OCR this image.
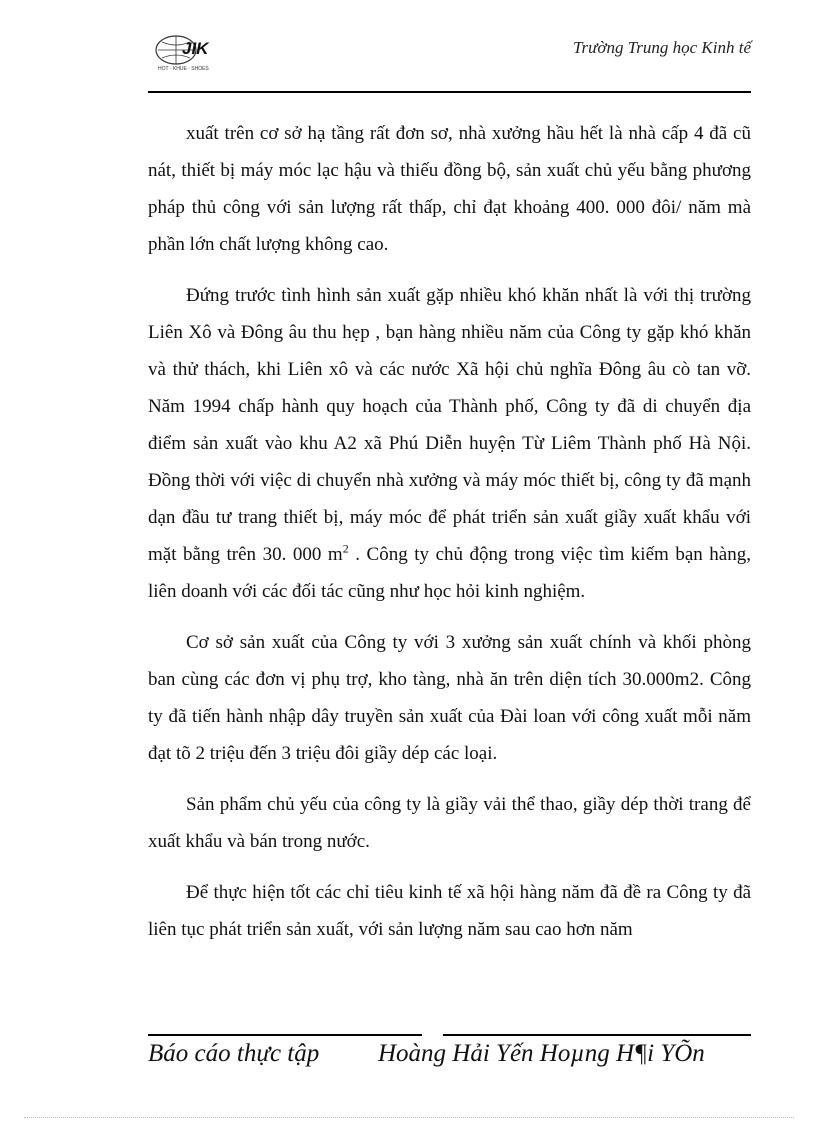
JIK
HOT · KHUE · SHOES
Trường Trung học Kinh tế

xuất trên cơ sở hạ tầng rất đơn sơ, nhà xưởng hầu hết là nhà cấp 4 đã cũ nát, thiết bị máy móc lạc hậu và thiếu đồng bộ, sản xuất chủ yếu bằng phương pháp thủ công với sản lượng rất thấp, chỉ đạt khoảng 400. 000 đôi/ năm mà phần lớn chất lượng không cao.

Đứng trước tình hình sản xuất gặp nhiều khó khăn nhất là với thị trường Liên Xô và Đông âu thu hẹp , bạn hàng nhiều năm của Công ty gặp khó khăn và thử thách, khi Liên xô và các nước Xã hội chủ nghĩa Đông âu cò tan vỡ. Năm 1994 chấp hành quy hoạch của Thành phố, Công ty đã di chuyển địa điểm sản xuất vào khu A2 xã Phú Diễn huyện Từ Liêm Thành phố Hà Nội. Đồng thời với việc di chuyển nhà xưởng và máy móc thiết bị, công ty đã mạnh dạn đầu tư trang thiết bị, máy móc để phát triển sản xuất giầy xuất khẩu với mặt bằng trên 30. 000 $m^2$ . Công ty chủ động trong việc tìm kiếm bạn hàng, liên doanh với các đối tác cũng như học hỏi kinh nghiệm.

Cơ sở sản xuất của Công ty với 3 xưởng sản xuất chính và khối phòng ban cùng các đơn vị phụ trợ, kho tàng, nhà ăn trên diện tích 30.000m2. Công ty đã tiến hành nhập dây truyền sản xuất của Đài loan với công xuất mỗi năm đạt tõ 2 triệu đến 3 triệu đôi giầy dép các loại.

Sản phẩm chủ yếu của công ty là giầy vải thể thao, giầy dép thời trang để xuất khẩu và bán trong nước.

Để thực hiện tốt các chỉ tiêu kinh tế xã hội hàng năm đã đề ra Công ty đã liên tục phát triển sản xuất, với sản lượng năm sau cao hơn năm

Báo cáo thực tập Hoàng Hải Yến Hoµng H¶i YÕn
